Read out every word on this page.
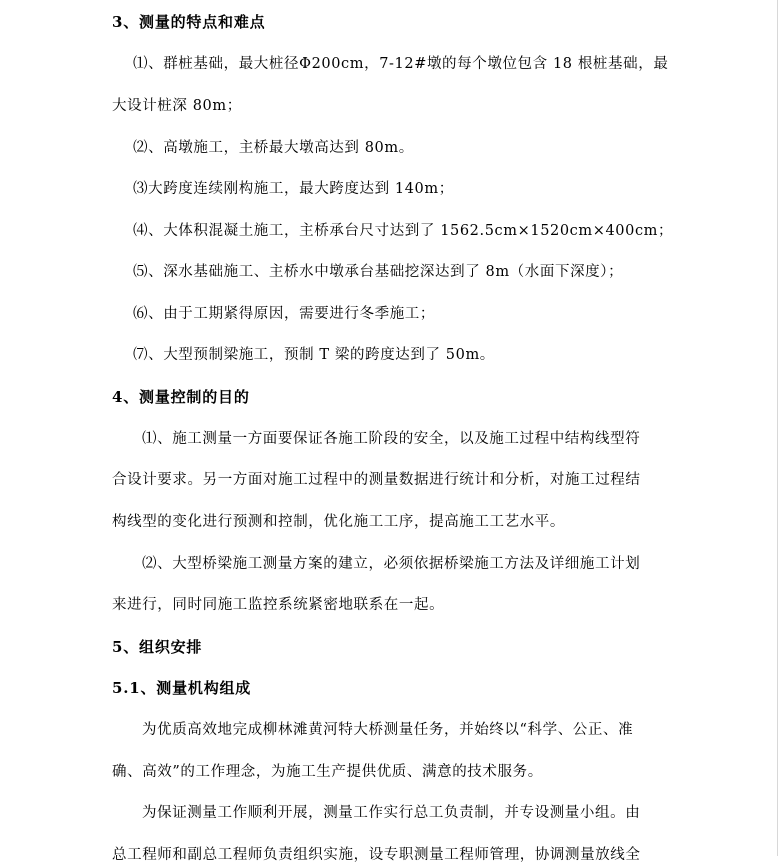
3、测量的特点和难点
⑴、群桩基础，最大桩径Φ200cm，7-12#墩的每个墩位包含 18 根桩基础，最
大设计桩深 80m；
⑵、高墩施工，主桥最大墩高达到 80m。
⑶大跨度连续刚构施工，最大跨度达到 140m；
⑷、大体积混凝土施工，主桥承台尺寸达到了 1562.5cm×1520cm×400cm；
⑸、深水基础施工、主桥水中墩承台基础挖深达到了 8m（水面下深度）；
⑹、由于工期紧得原因，需要进行冬季施工；
⑺、大型预制梁施工，预制 T 梁的跨度达到了 50m。
4、测量控制的目的
⑴、施工测量一方面要保证各施工阶段的安全，以及施工过程中结构线型符
合设计要求。另一方面对施工过程中的测量数据进行统计和分析，对施工过程结
构线型的变化进行预测和控制，优化施工工序，提高施工工艺水平。
⑵、大型桥梁施工测量方案的建立，必须依据桥梁施工方法及详细施工计划
来进行，同时同施工监控系统紧密地联系在一起。
5、组织安排
5.1、测量机构组成
为优质高效地完成柳林滩黄河特大桥测量任务，并始终以“科学、公正、准
确、高效”的工作理念，为施工生产提供优质、满意的技术服务。
为保证测量工作顺利开展，测量工作实行总工负责制，并专设测量小组。由
总工程师和副总工程师负责组织实施，设专职测量工程师管理，协调测量放线全
